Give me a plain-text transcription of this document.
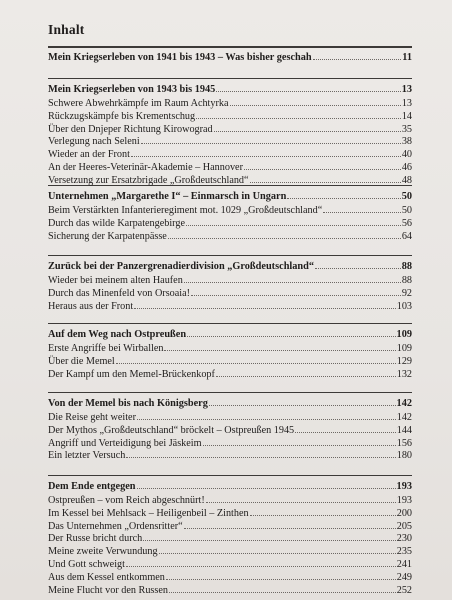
Inhalt
Mein Kriegserleben von 1941 bis 1943 – Was bisher geschah	11
Mein Kriegserleben von 1943 bis 1945	13
Schwere Abwehrkämpfe im Raum Achtyrka	13
Rückzugskämpfe bis Krementschug	14
Über den Dnjeper Richtung Kirowograd	35
Verlegung nach Seleni	38
Wieder an der Front	40
An der Heeres-Veterinär-Akademie – Hannover	46
Versetzung zur Ersatzbrigade „Großdeutschland“	48
Unternehmen „Margarethe I“ – Einmarsch in Ungarn	50
Beim Verstärkten Infanterieregiment mot. 1029 „Großdeutschland“	50
Durch das wilde Karpatengebirge	56
Sicherung der Karpatenpässe	64
Zurück bei der Panzergrenadierdivision „Großdeutschland“	88
Wieder bei meinem alten Haufen	88
Durch das Minenfeld von Orsoaia!	92
Heraus aus der Front	103
Auf dem Weg nach Ostpreußen	109
Erste Angriffe bei Wirballen	109
Über die Memel	129
Der Kampf um den Memel-Brückenkopf	132
Von der Memel bis nach Königsberg	142
Die Reise geht weiter	142
Der Mythos „Großdeutschland“ bröckelt – Ostpreußen 1945	144
Angriff und Verteidigung bei Jäskeim	156
Ein letzter Versuch	180
Dem Ende entgegen	193
Ostpreußen – vom Reich abgeschnürt!	193
Im Kessel bei Mehlsack – Heiligenbeil – Zinthen	200
Das Unternehmen „Ordensritter“	205
Der Russe bricht durch	230
Meine zweite Verwundung	235
Und Gott schweigt	241
Aus dem Kessel entkommen	249
Meine Flucht vor den Russen	252
